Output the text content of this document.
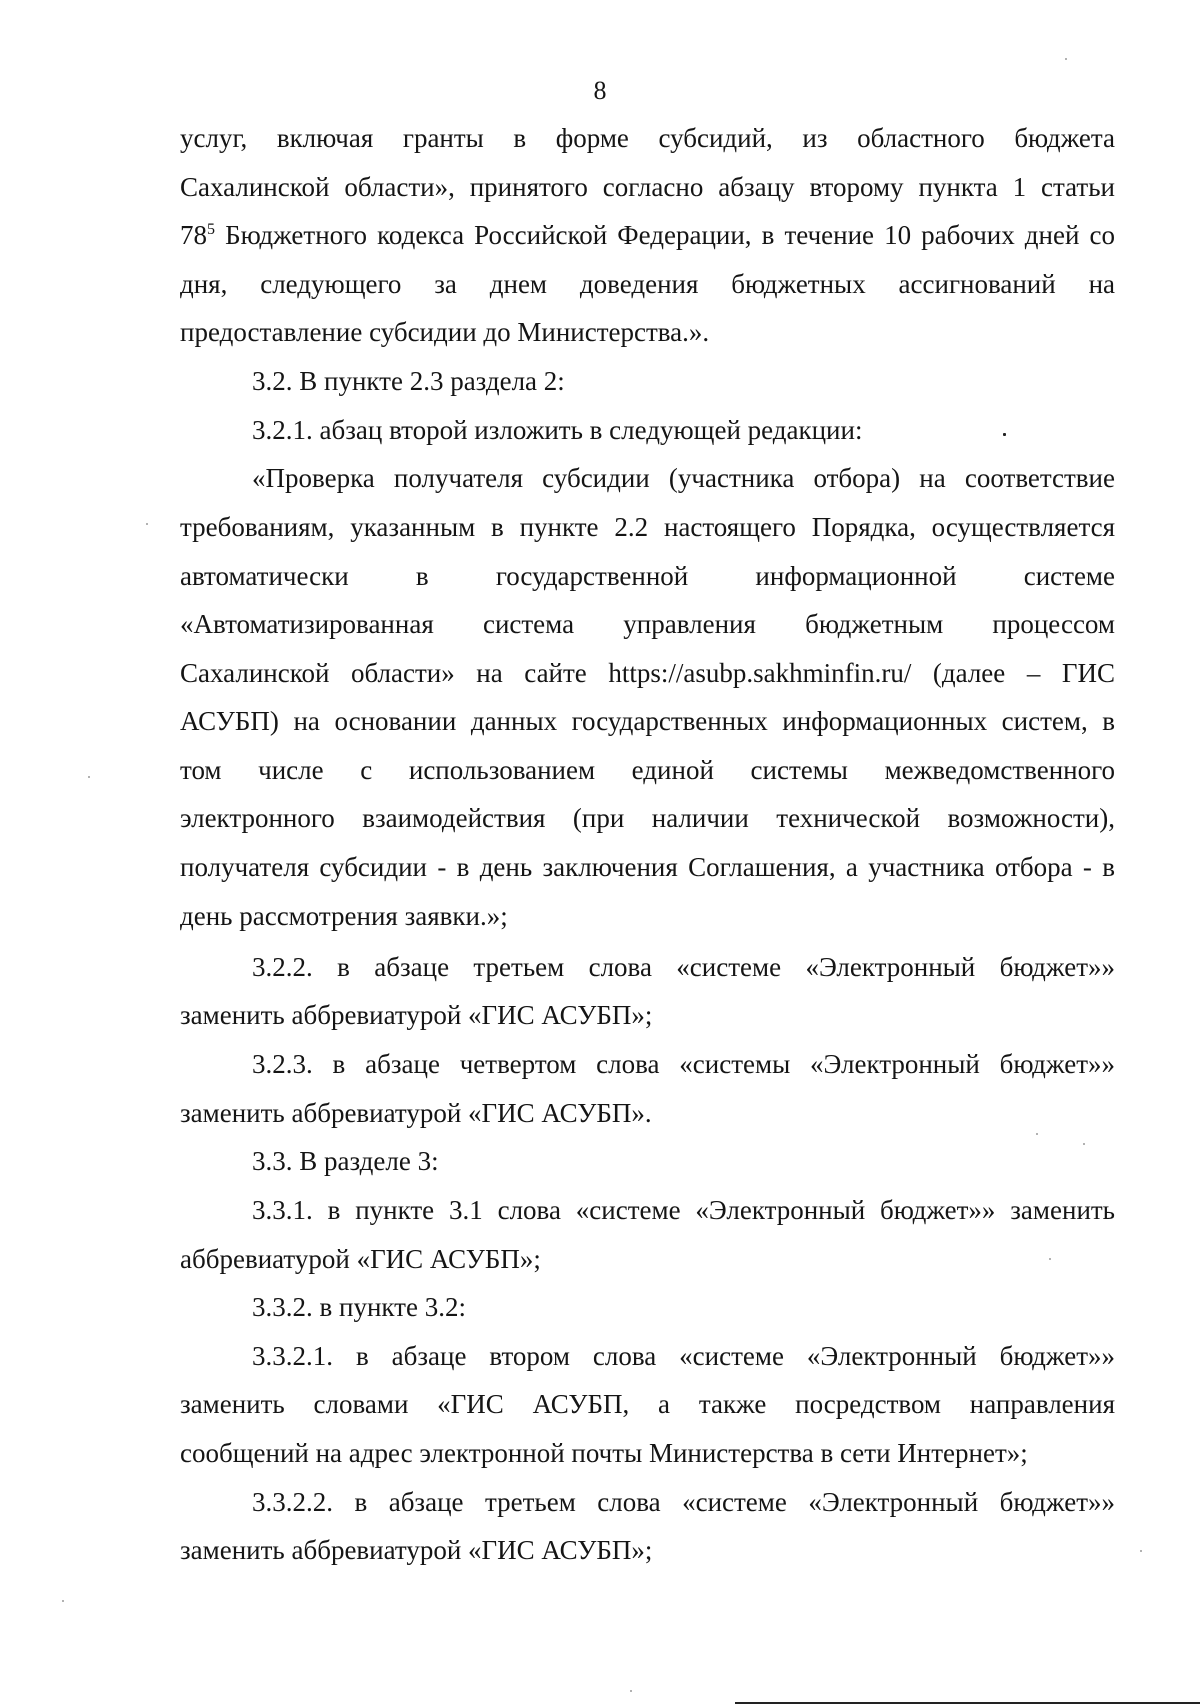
8
услуг, включая гранты в форме субсидий, из областного бюджета
Сахалинской области», принятого согласно абзацу второму пункта 1 статьи
$78^5$ Бюджетного кодекса Российской Федерации, в течение 10 рабочих дней со
дня, следующего за днем доведения бюджетных ассигнований на
предоставление субсидии до Министерства.».
3.2. В пункте 2.3 раздела 2:
3.2.1. абзац второй изложить в следующей редакции:
«Проверка получателя субсидии (участника отбора) на соответствие
требованиям, указанным в пункте 2.2 настоящего Порядка, осуществляется
автоматически в государственной информационной системе
«Автоматизированная система управления бюджетным процессом
Сахалинской области» на сайте https://asubp.sakhminfin.ru/ (далее – ГИС
АСУБП) на основании данных государственных информационных систем, в
том числе с использованием единой системы межведомственного
электронного взаимодействия (при наличии технической возможности),
получателя субсидии - в день заключения Соглашения, а участника отбора - в
день рассмотрения заявки.»;
3.2.2. в абзаце третьем слова «системе «Электронный бюджет»»
заменить аббревиатурой «ГИС АСУБП»;
3.2.3. в абзаце четвертом слова «системы «Электронный бюджет»»
заменить аббревиатурой «ГИС АСУБП».
3.3. В разделе 3:
3.3.1. в пункте 3.1 слова «системе «Электронный бюджет»» заменить
аббревиатурой «ГИС АСУБП»;
3.3.2. в пункте 3.2:
3.3.2.1. в абзаце втором слова «системе «Электронный бюджет»»
заменить словами «ГИС АСУБП, а также посредством направления
сообщений на адрес электронной почты Министерства в сети Интернет»;
3.3.2.2. в абзаце третьем слова «системе «Электронный бюджет»»
заменить аббревиатурой «ГИС АСУБП»;
